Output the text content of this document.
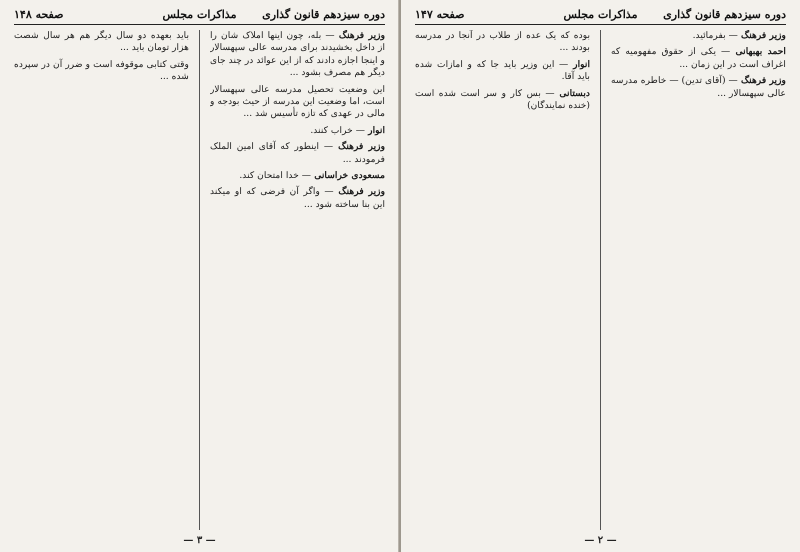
دوره سیزدهم قانون گذاری
مذاکرات مجلس
صفحه ۱۴۸

وزیر فرهنگ — بله، چون اینها املاک شان را از داخل بخشیدند برای مدرسه عالی سپهسالار و اینجا اجازه دادند که از این عوائد در چند جای دیگر هم مصرف بشود ...

این وضعیت تحصیل مدرسه عالی سپهسالار است، اما وضعیت این مدرسه از حیث بودجه و مالی در عهدی که تازه تأسیس شد ...

انوار — خراب کنند.

وزیر فرهنگ — اینطور که آقای امین الملک فرمودند ...

مسعودی خراسانی — خدا امتحان کند.

وزیر فرهنگ — واگر آن فرضی که او میکند این بنا ساخته شود ...

باید بعهده دو سال دیگر هم هر سال شصت هزار تومان باید ...

وقتی کتابی موقوفه است و ضرر آن در سپرده شده ...

— ٣ —
دوره سیزدهم قانون گذاری
مذاکرات مجلس
صفحه ۱۴۷

وزیر فرهنگ — بفرمائید.

احمد بهبهانی — یکی از حقوق مفهومیه که اغراف است در این زمان ...

وزیر فرهنگ — (آقای تدین) — خاطره مدرسه عالی سپهسالار ...

بوده که یک عده از طلاب در آنجا در مدرسه بودند ...

انوار — این وزیر باید جا که و امازات شده باید آقا.

دبستانی — بس کار و سر است شده است (خنده نمایندگان)

— ۲ —
